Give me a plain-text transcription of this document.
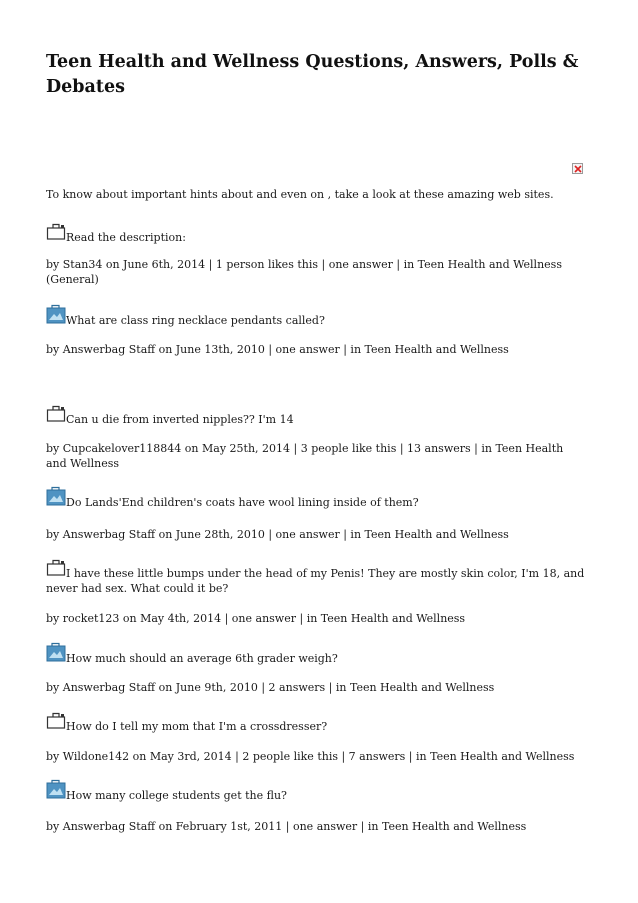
Teen Health and Wellness Questions, Answers, Polls & Debates
To know about important hints about and even on , take a look at these amazing web sites.
Read the description:
by Stan34 on June 6th, 2014 | 1 person likes this | one answer | in Teen Health and Wellness (General)
What are class ring necklace pendants called?
by Answerbag Staff on June 13th, 2010 | one answer | in Teen Health and Wellness
Can u die from inverted nipples?? I'm 14
by Cupcakelover118844 on May 25th, 2014 | 3 people like this | 13 answers | in Teen Health and Wellness
Do Lands'End children's coats have wool lining inside of them?
by Answerbag Staff on June 28th, 2010 | one answer | in Teen Health and Wellness
I have these little bumps under the head of my Penis! They are mostly skin color, I'm 18, and never had sex. What could it be?
by rocket123 on May 4th, 2014 | one answer | in Teen Health and Wellness
How much should an average 6th grader weigh?
by Answerbag Staff on June 9th, 2010 | 2 answers | in Teen Health and Wellness
How do I tell my mom that I'm a crossdresser?
by Wildone142 on May 3rd, 2014 | 2 people like this | 7 answers | in Teen Health and Wellness
How many college students get the flu?
by Answerbag Staff on February 1st, 2011 | one answer | in Teen Health and Wellness
